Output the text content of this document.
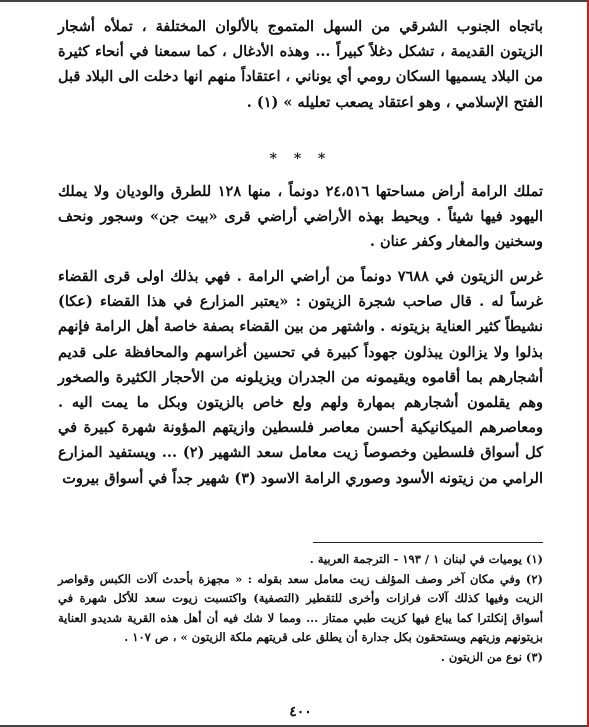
باتجاه الجنوب الشرقي من السهل المتموج بالألوان المختلفة ، تملأه أشجار الزيتون القديمة ، تشكل دغلاً كبيراً ... وهذه الأدغال ، كما سمعنا في أنحاء كثيرة من البلاد يسميها السكان رومي أي يوناني ، اعتقاداً منهم انها دخلت الى البلاد قبل الفتح الإسلامي ، وهو اعتقاد يصعب تعليله » (١) .

* * *

تملك الرامة أراض مساحتها ٢٤،٥١٦ دونماً ، منها ١٢٨ للطرق والوديان ولا يملك اليهود فيها شيئاً . ويحيط بهذه الأراضي أراضي قرى «بيت جن» وسجور ونحف وسخنين والمغار وكفر عنان .

غرس الزيتون في ٧٦٨٨ دونماً من أراضي الرامة . فهي بذلك اولى قرى القضاء غرساً له . قال صاحب شجرة الزيتون : «يعتبر المزارع في هذا القضاء (عكا) نشيطاً كثير العناية بزيتونه . واشتهر من بين القضاء بصفة خاصة أهل الرامة فإنهم بذلوا ولا يزالون يبذلون جهوداً كبيرة في تحسين أغراسهم والمحافظة على قديم أشجارهم بما أقاموه ويقيمونه من الجدران ويزيلونه من الأحجار الكثيرة والصخور وهم يقلمون أشجارهم بمهارة ولهم ولع خاص بالزيتون وبكل ما يمت اليه . ومعاصرهم الميكانيكية أحسن معاصر فلسطين وازيتهم المؤونة شهرة كبيرة في كل أسواق فلسطين وخصوصاً زيت معامل سعد الشهير (٢) ... ويستفيد المزارع الرامي من زيتونه الأسود وصوري الرامة الاسود (٣) شهير جداً في أسواق بيروت

(١) يوميات في لبنان ١ / ١٩٣ - الترجمة العربية .

(٢) وفي مكان آخر وصف المؤلف زيت معامل سعد بقوله : « مجهزة بأحدث آلات الكبس وقواصر الزيت وفيها كذلك آلات فرازات وأخرى للتقطير (التصفية) واكتسبت زيوت سعد للأكل شهرة في أسواق إنكلترا كما يباع فيها كزيت طبي ممتاز ... ومما لا شك فيه أن أهل هذه القرية شديدو العناية بزيتونهم وزيتهم ويستحقون بكل جدارة أن يطلق على قريتهم ملكة الزيتون » ، ص ١٠٧ .

(٣) نوع من الزيتون .

٤٠٠
